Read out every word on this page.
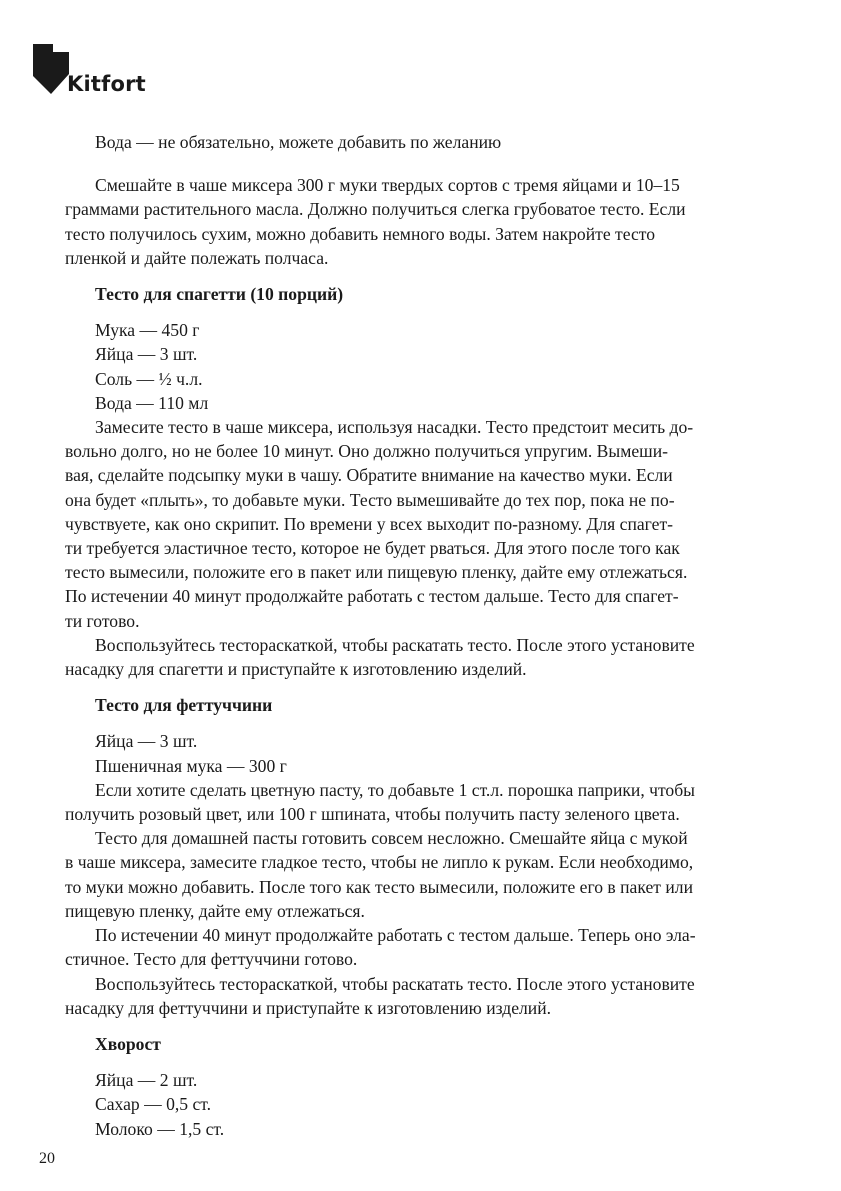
Kitfort

Вода — не обязательно, можете добавить по желанию

Смешайте в чаше миксера 300 г муки твердых сортов с тремя яйцами и 10–15

граммами растительного масла. Должно получиться слегка грубоватое тесто. Если

тесто получилось сухим, можно добавить немного воды. Затем накройте тесто

пленкой и дайте полежать полчаса.

Тесто для спагетти (10 порций)

Мука — 450 г

Яйца — 3 шт.

Соль — ½ ч.л.

Вода — 110 мл

Замесите тесто в чаше миксера, используя насадки. Тесто предстоит месить до-

вольно долго, но не более 10 минут. Оно должно получиться упругим. Вымеши-

вая, сделайте подсыпку муки в чашу. Обратите внимание на качество муки. Если

она будет «плыть», то добавьте муки. Тесто вымешивайте до тех пор, пока не по-

чувствуете, как оно скрипит. По времени у всех выходит по-разному. Для спагет-

ти требуется эластичное тесто, которое не будет рваться. Для этого после того как

тесто вымесили, положите его в пакет или пищевую пленку, дайте ему отлежаться.

По истечении 40 минут продолжайте работать с тестом дальше. Тесто для спагет-

ти готово.

Воспользуйтесь тестораскаткой, чтобы раскатать тесто. После этого установите

насадку для спагетти и приступайте к изготовлению изделий.

Тесто для феттуччини

Яйца — 3 шт.

Пшеничная мука — 300 г

Если хотите сделать цветную пасту, то добавьте 1 ст.л. порошка паприки, чтобы

получить розовый цвет, или 100 г шпината, чтобы получить пасту зеленого цвета.

Тесто для домашней пасты готовить совсем несложно. Смешайте яйца с мукой

в чаше миксера, замесите гладкое тесто, чтобы не липло к рукам. Если необходимо,

то муки можно добавить. После того как тесто вымесили, положите его в пакет или

пищевую пленку, дайте ему отлежаться.

По истечении 40 минут продолжайте работать с тестом дальше. Теперь оно эла-

стичное. Тесто для феттуччини готово.

Воспользуйтесь тестораскаткой, чтобы раскатать тесто. После этого установите

насадку для феттуччини и приступайте к изготовлению изделий.

Хворост

Яйца — 2 шт.

Сахар — 0,5 ст.

Молоко — 1,5 ст.

20
